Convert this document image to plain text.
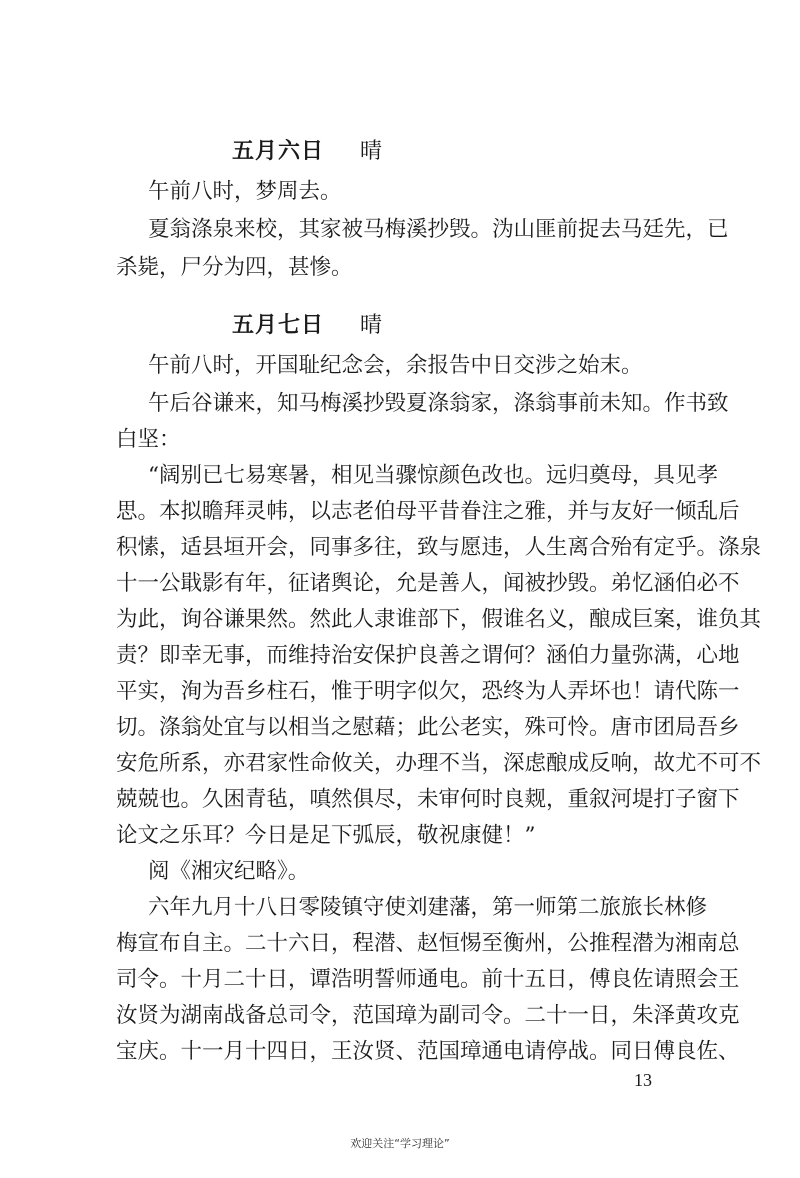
五月六日 晴
午前八时，梦周去。
夏翁涤泉来校，其家被马梅溪抄毁。沩山匪前捉去马廷先，已
杀毙，尸分为四，甚惨。
五月七日 晴
午前八时，开国耻纪念会，余报告中日交涉之始末。
午后谷谦来，知马梅溪抄毁夏涤翁家，涤翁事前未知。作书致
白坚：
“阔别已七易寒暑，相见当骤惊颜色改也。远归奠母，具见孝
思。本拟瞻拜灵帏，以志老伯母平昔眷注之雅，并与友好一倾乱后
积愫，适县垣开会，同事多往，致与愿违，人生离合殆有定乎。涤泉
十一公戢影有年，征诸舆论，允是善人，闻被抄毁。弟忆涵伯必不
为此，询谷谦果然。然此人隶谁部下，假谁名义，酿成巨案，谁负其
责？即幸无事，而维持治安保护良善之谓何？涵伯力量弥满，心地
平实，洵为吾乡柱石，惟于明字似欠，恐终为人弄坏也！请代陈一
切。涤翁处宜与以相当之慰藉；此公老实，殊可怜。唐市团局吾乡
安危所系，亦君家性命攸关，办理不当，深虑酿成反响，故尤不可不
兢兢也。久困青毡，嗔然俱尽，未审何时良觌，重叙河堤打子窗下
论文之乐耳？今日是足下弧辰，敬祝康健！”
阅《湘灾纪略》。
六年九月十八日零陵镇守使刘建藩，第一师第二旅旅长林修
梅宣布自主。二十六日，程潜、赵恒惕至衡州，公推程潜为湘南总
司令。十月二十日，谭浩明誓师通电。前十五日，傅良佐请照会王
汝贤为湖南战备总司令，范国璋为副司令。二十一日，朱泽黄攻克
宝庆。十一月十四日，王汝贤、范国璋通电请停战。同日傅良佐、
13
欢迎关注“学习理论”
